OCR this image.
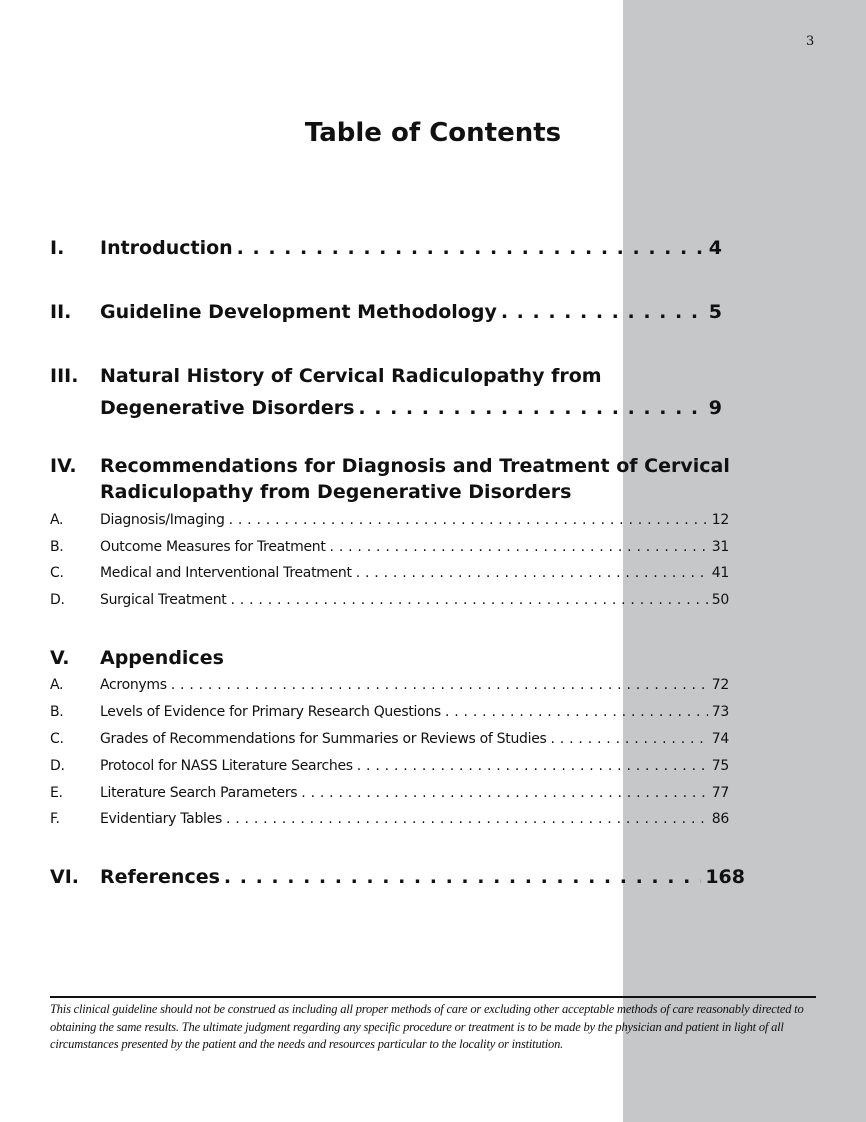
3
Table of Contents
I.	Introduction . . .	4
II.	Guideline Development Methodology . . .	5
III.	Natural History of Cervical Radiculopathy from
Degenerative Disorders . . .	9
IV.	Recommendations for Diagnosis and Treatment of Cervical
Radiculopathy from Degenerative Disorders
A.	Diagnosis/Imaging . . .	12
B.	Outcome Measures for Treatment . . .	31
C.	Medical and Interventional Treatment . . .	41
D.	Surgical Treatment . . .	50
V.	Appendices
A.	Acronyms . . .	72
B.	Levels of Evidence for Primary Research Questions . . .	73
C.	Grades of Recommendations for Summaries or Reviews of Studies . . .	74
D.	Protocol for NASS Literature Searches . . .	75
E.	Literature Search Parameters . . .	77
F.	Evidentiary Tables . . .	86
VI.	References . . .	168
This clinical guideline should not be construed as including all proper methods of care or excluding other acceptable methods of care reasonably directed to obtaining the same results. The ultimate judgment regarding any specific procedure or treatment is to be made by the physician and patient in light of all circumstances presented by the patient and the needs and resources particular to the locality or institution.
